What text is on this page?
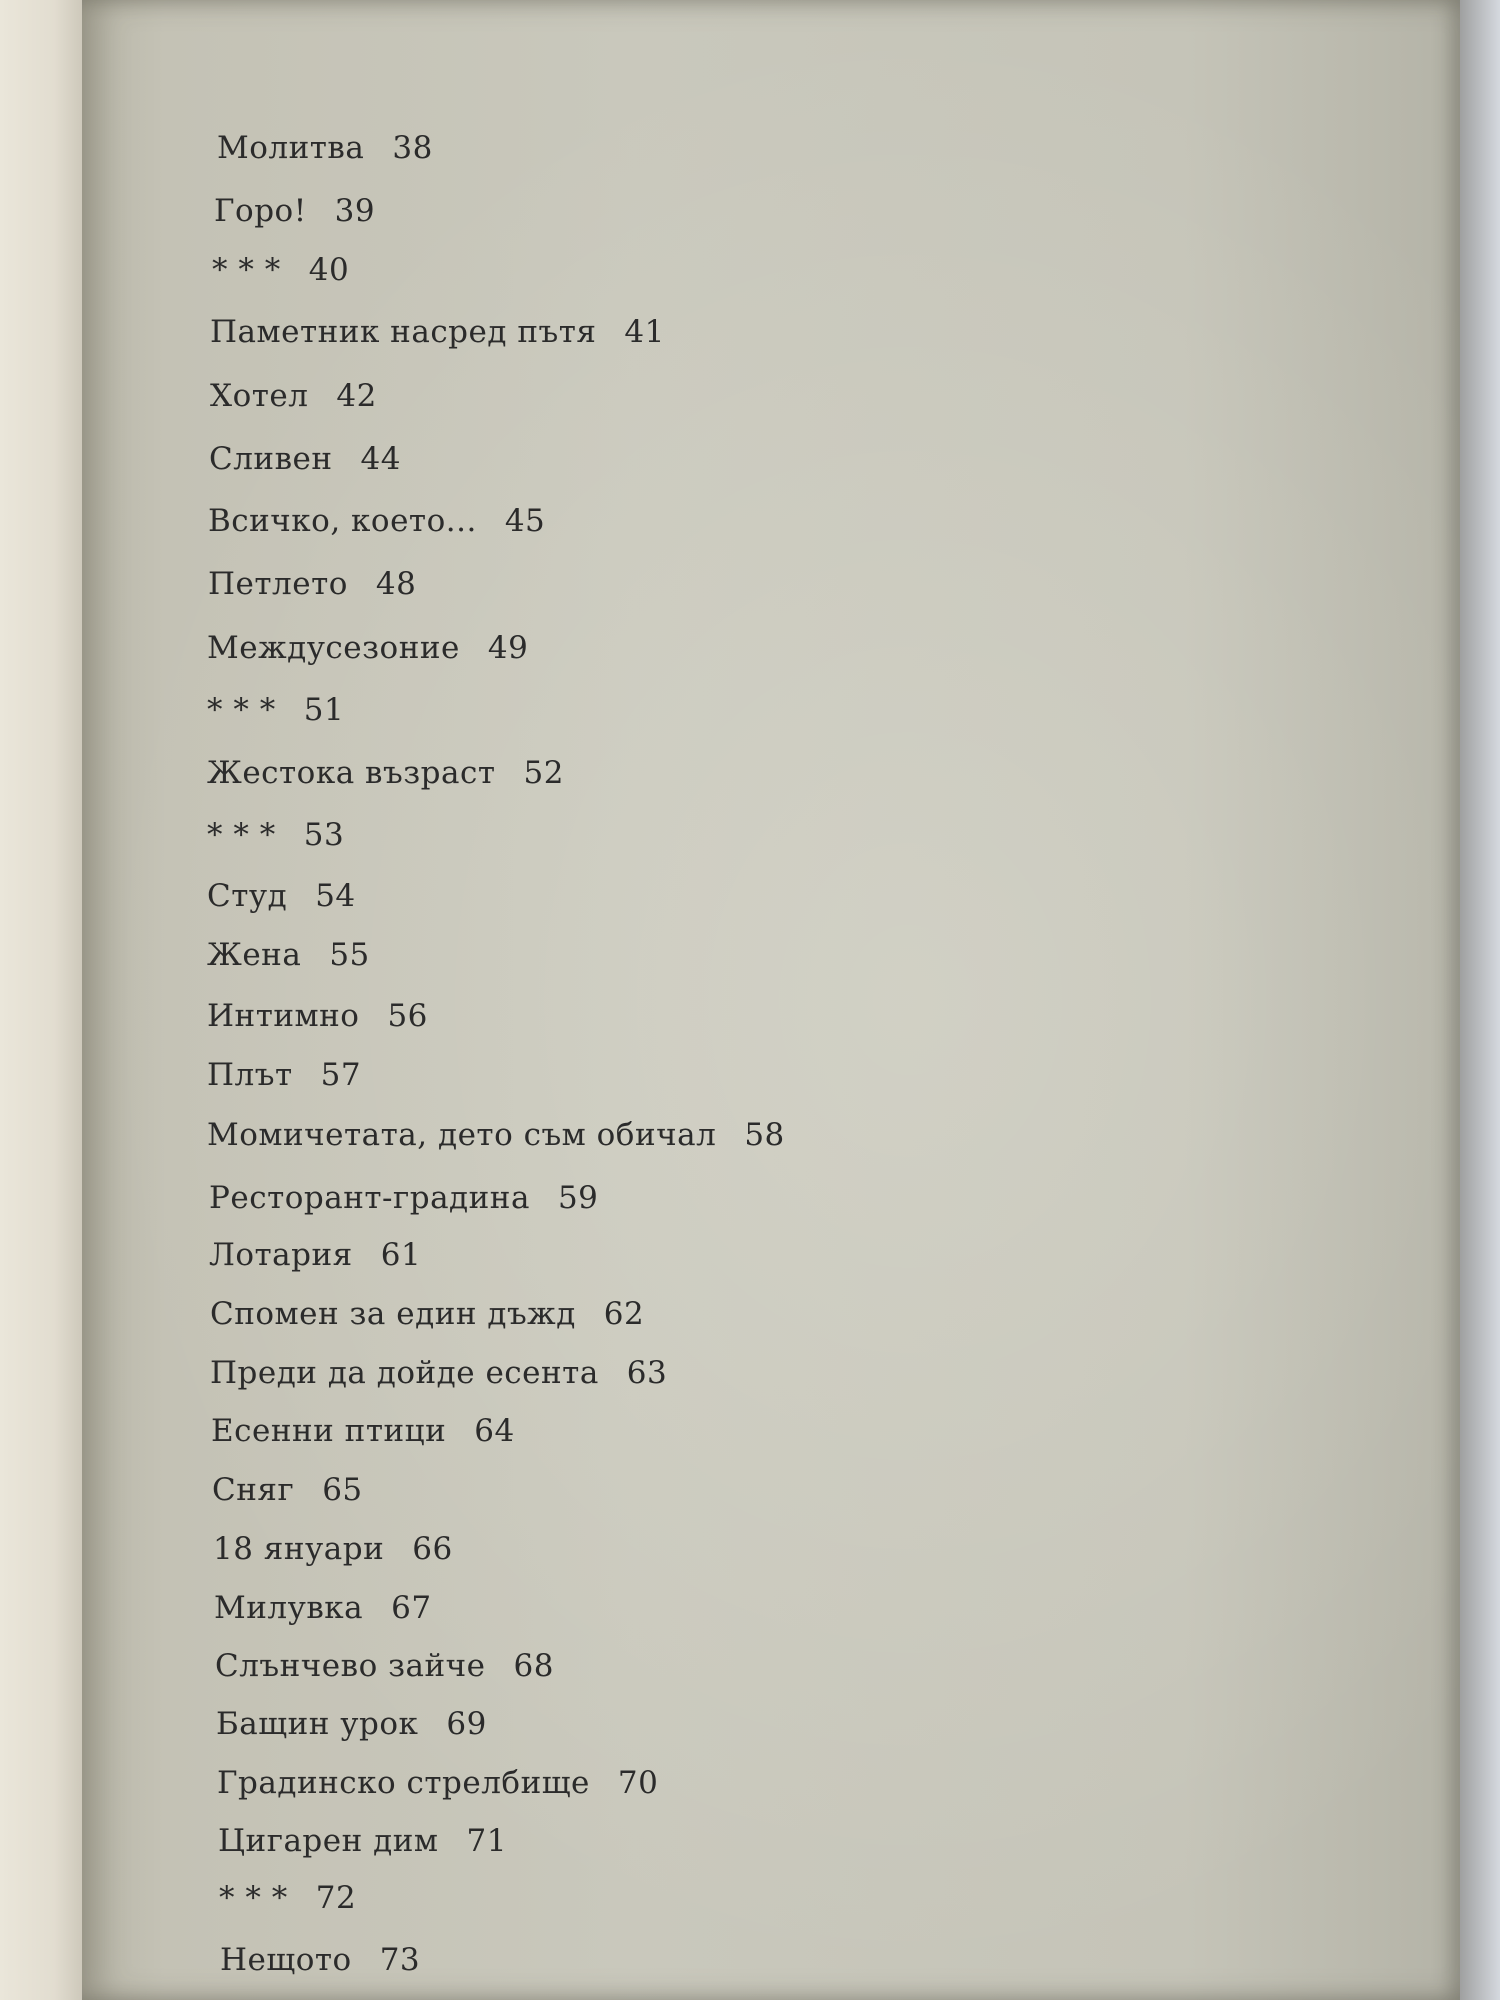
Молитва 38
Горо! 39
* * * 40
Паметник насред пътя 41
Хотел 42
Сливен 44
Всичко, което... 45
Петлето 48
Междусезоние 49
* * * 51
Жестока възраст 52
* * * 53
Студ 54
Жена 55
Интимно 56
Плът 57
Момичетата, дето съм обичал 58
Ресторант-градина 59
Лотария 61
Спомен за един дъжд 62
Преди да дойде есента 63
Есенни птици 64
Сняг 65
18 януари 66
Милувка 67
Слънчево зайче 68
Бащин урок 69
Градинско стрелбище 70
Цигарен дим 71
* * * 72
Нещото 73
